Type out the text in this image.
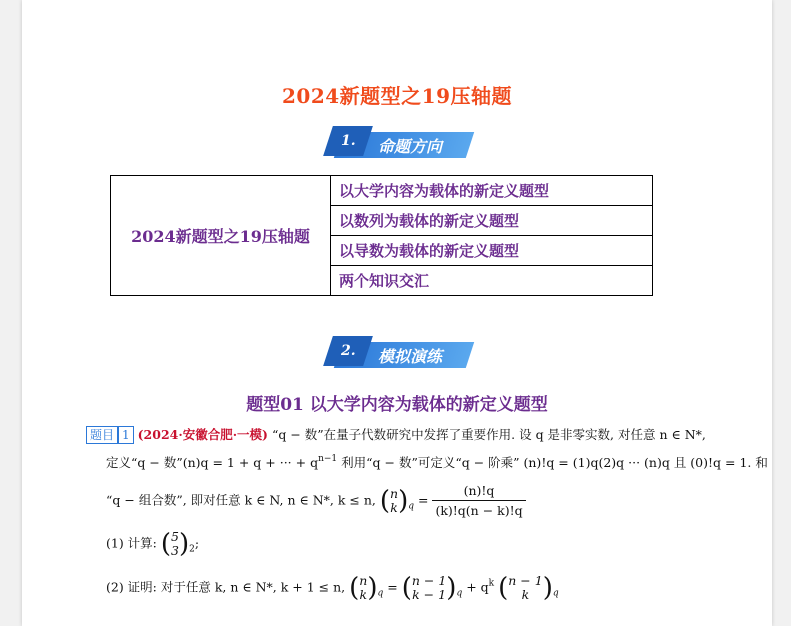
2024新题型之19压轴题
1. 命题方向
2024新题型之19压轴题	以大学内容为载体的新定义题型
以数列为载体的新定义题型
以导数为载体的新定义题型
两个知识交汇
2. 模拟演练
题型01 以大学内容为载体的新定义题型
题目 1 (2024·安徽合肥·一模) “q − 数”在量子代数研究中发挥了重要作用. 设 q 是非零实数, 对任意 n ∈ N*,
定义“q − 数”(n)q = 1 + q + ··· + $q^{n-1}$ 利用“q − 数”可定义“q − 阶乘” (n)!q = (1)q(2)q ··· (n)q 且 (0)!q = 1. 和
“q − 组合数”, 即对任意 k ∈ N, n ∈ N*, k ≤ n, (n
$k)_q = \frac{(n)!q}{(k)!q(n - k)!q}$
(1) 计算: (5
$3)_2$;
(2) 证明: 对于任意 k, n ∈ N*, k + 1 ≤ n, (n
$k)_q = (n - 1$
$k - 1)_q + q^k$ (n − 1
k )$_q$
